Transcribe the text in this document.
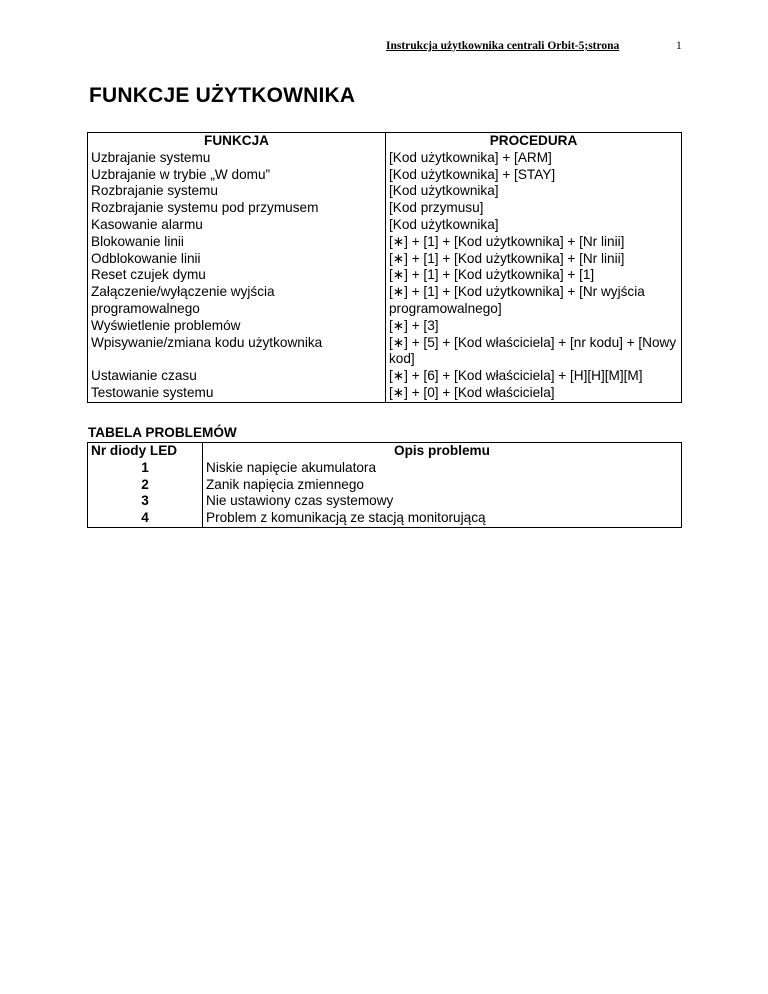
Instrukcja użytkownika centrali Orbit-5;strona	1
FUNKCJE UŻYTKOWNIKA
FUNKCJA	PROCEDURA
Uzbrajanie systemu	[Kod użytkownika] + [ARM]
Uzbrajanie w trybie „W domu”	[Kod użytkownika] + [STAY]
Rozbrajanie systemu	[Kod użytkownika]
Rozbrajanie systemu pod przymusem	[Kod przymusu]
Kasowanie alarmu	[Kod użytkownika]
Blokowanie linii	[∗] + [1] + [Kod użytkownika] + [Nr linii]
Odblokowanie linii	[∗] + [1] + [Kod użytkownika] + [Nr linii]
Reset czujek dymu	[∗] + [1] + [Kod użytkownika] + [1]
Załączenie/wyłączenie wyjścia programowalnego	[∗] + [1] + [Kod użytkownika] + [Nr wyjścia programowalnego]
Wyświetlenie problemów	[∗] + [3]
Wpisywanie/zmiana kodu użytkownika	[∗] + [5] + [Kod właściciela] + [nr kodu] + [Nowy kod]
Ustawianie czasu	[∗] + [6] + [Kod właściciela] + [H][H][M][M]
Testowanie systemu	[∗] + [0] + [Kod właściciela]
TABELA PROBLEMÓW
Nr diody LED	Opis problemu
1	Niskie napięcie akumulatora
2	Zanik napięcia zmiennego
3	Nie ustawiony czas systemowy
4	Problem z komunikacją ze stacją monitorującą
